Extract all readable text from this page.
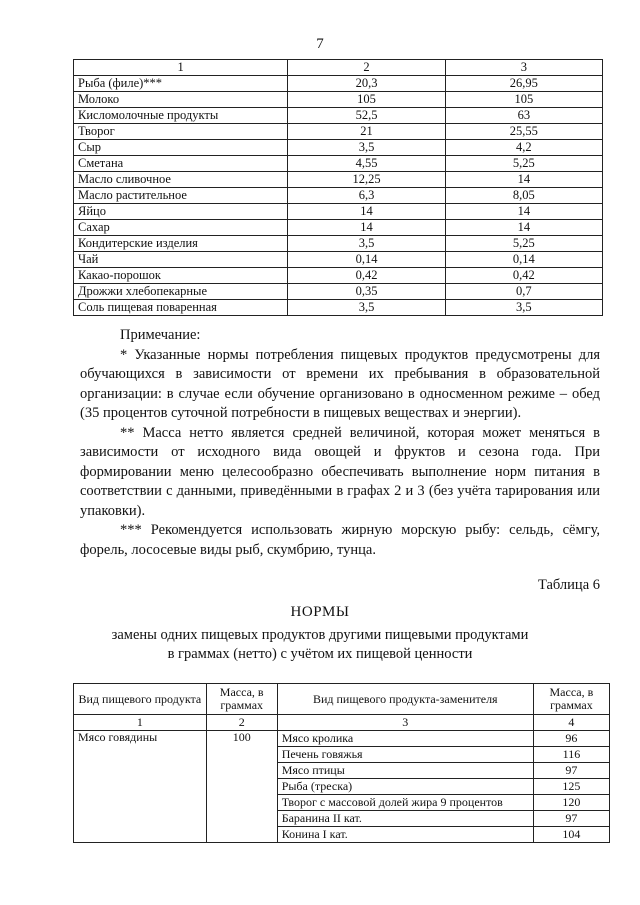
7
1	2	3
Рыба (филе)***	20,3	26,95
Молоко	105	105
Кисломолочные продукты	52,5	63
Творог	21	25,55
Сыр	3,5	4,2
Сметана	4,55	5,25
Масло сливочное	12,25	14
Масло растительное	6,3	8,05
Яйцо	14	14
Сахар	14	14
Кондитерские изделия	3,5	5,25
Чай	0,14	0,14
Какао-порошок	0,42	0,42
Дрожжи хлебопекарные	0,35	0,7
Соль пищевая поваренная	3,5	3,5

Примечание:

* Указанные нормы потребления пищевых продуктов предусмотрены для обучающихся в зависимости от времени их пребывания в образовательной организации: в случае если обучение организовано в односменном режиме – обед (35 процентов суточной потребности в пищевых веществах и энергии).

** Масса нетто является средней величиной, которая может меняться в зависимости от исходного вида овощей и фруктов и сезона года. При формировании меню целесообразно обеспечивать выполнение норм питания в соответствии с данными, приведёнными в графах 2 и 3 (без учёта тарирования или упаковки).

*** Рекомендуется использовать жирную морскую рыбу: сельдь, сёмгу, форель, лососевые виды рыб, скумбрию, тунца.

Таблица 6
НОРМЫ
замены одних пищевых продуктов другими пищевыми продуктами
в граммах (нетто) с учётом их пищевой ценности
Вид пищевого продукта	Масса, в граммах	Вид пищевого продукта-заменителя	Масса, в граммах
1	2	3	4
Мясо говядины	100	Мясо кролика	96
		Печень говяжья	116
		Мясо птицы	97
		Рыба (треска)	125
		Творог с массовой долей жира 9 процентов	120
		Баранина II кат.	97
		Конина I кат.	104
